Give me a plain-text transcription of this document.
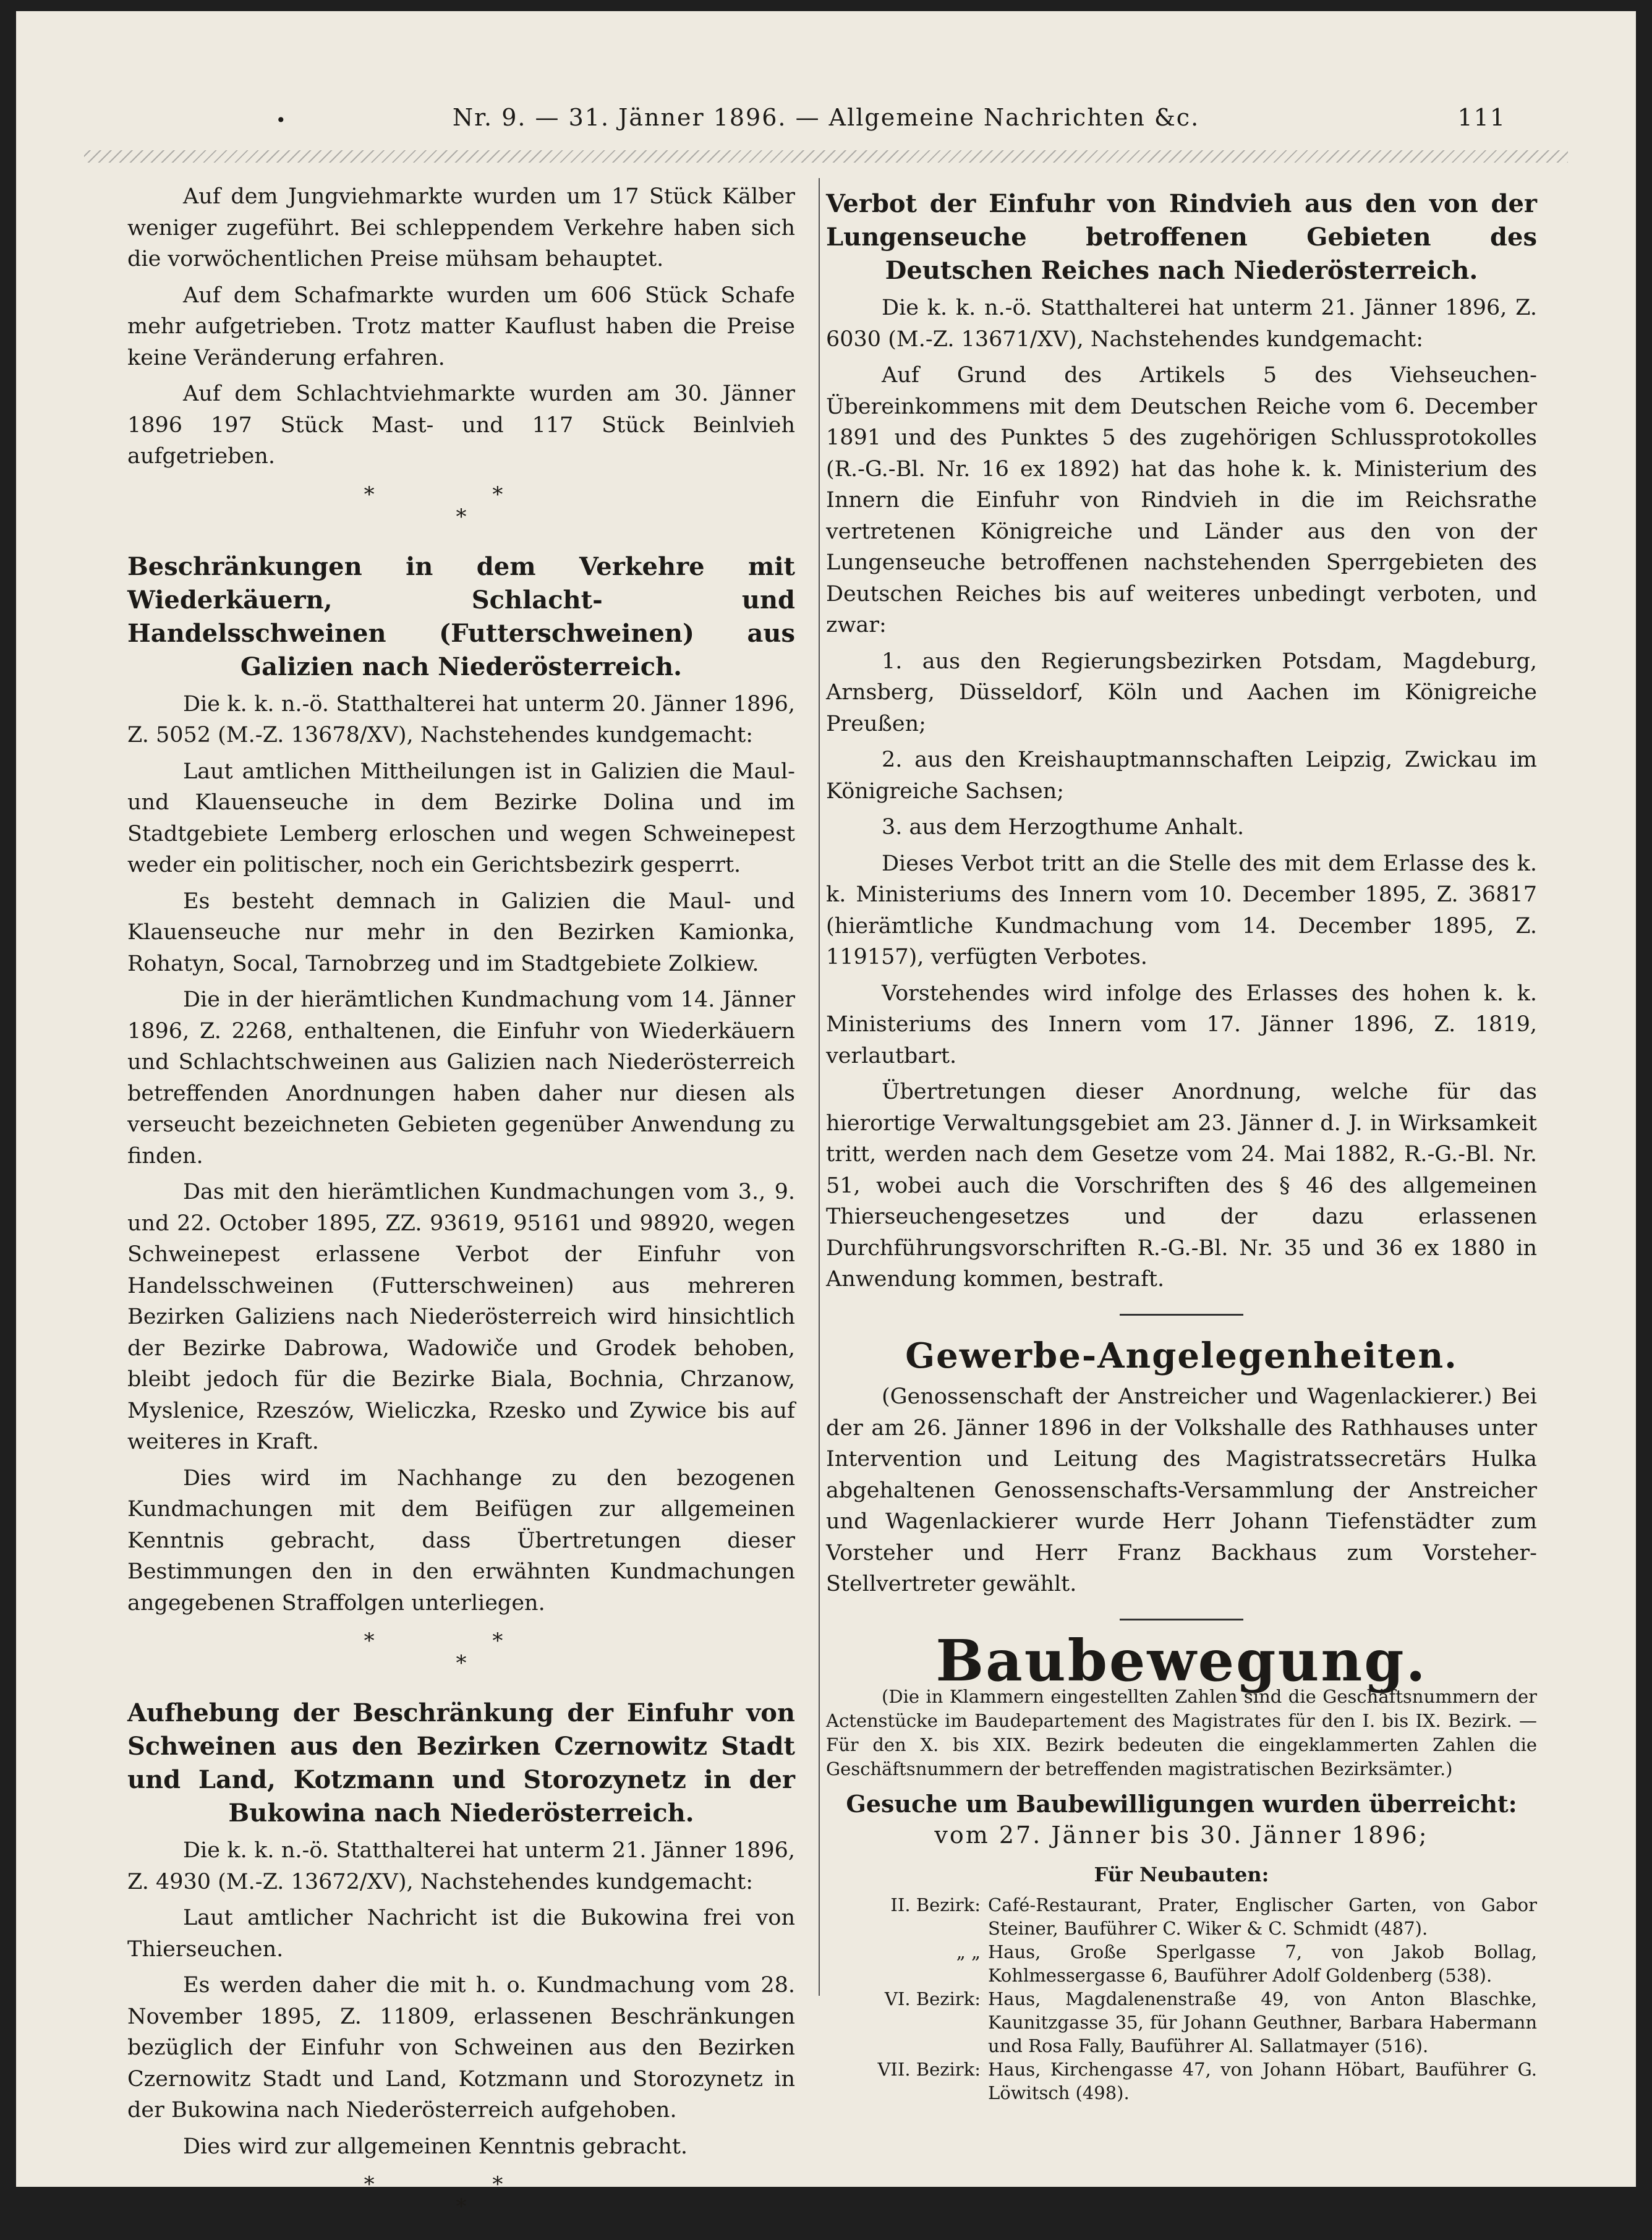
•	Nr. 9. — 31. Jänner 1896. — Allgemeine Nachrichten &c.	111

Auf dem Jungviehmarkte wurden um 17 Stück Kälber weniger zugeführt. Bei schleppendem Verkehre haben sich die vorwöchentlichen Preise mühsam behauptet.

Auf dem Schafmarkte wurden um 606 Stück Schafe mehr aufgetrieben. Trotz matter Kauflust haben die Preise keine Veränderung erfahren.

Auf dem Schlachtviehmarkte wurden am 30. Jänner 1896 197 Stück Mast- und 117 Stück Beinlvieh aufgetrieben.

* *
*
Beschränkungen in dem Verkehre mit Wiederkäuern, Schlacht- und Handelsschweinen (Futterschweinen) aus Galizien nach Niederösterreich.

Die k. k. n.-ö. Statthalterei hat unterm 20. Jänner 1896, Z. 5052 (M.-Z. 13678/XV), Nachstehendes kundgemacht:

Laut amtlichen Mittheilungen ist in Galizien die Maul- und Klauenseuche in dem Bezirke Dolina und im Stadtgebiete Lemberg erloschen und wegen Schweinepest weder ein politischer, noch ein Gerichtsbezirk gesperrt.

Es besteht demnach in Galizien die Maul- und Klauenseuche nur mehr in den Bezirken Kamionka, Rohatyn, Socal, Tarnobrzeg und im Stadtgebiete Zolkiew.

Die in der hierämtlichen Kundmachung vom 14. Jänner 1896, Z. 2268, enthaltenen, die Einfuhr von Wiederkäuern und Schlachtschweinen aus Galizien nach Niederösterreich betreffenden Anordnungen haben daher nur diesen als verseucht bezeichneten Gebieten gegenüber Anwendung zu finden.

Das mit den hierämtlichen Kundmachungen vom 3., 9. und 22. October 1895, ZZ. 93619, 95161 und 98920, wegen Schweinepest erlassene Verbot der Einfuhr von Handelsschweinen (Futterschweinen) aus mehreren Bezirken Galiziens nach Niederösterreich wird hinsichtlich der Bezirke Dabrowa, Wadowiče und Grodek behoben, bleibt jedoch für die Bezirke Biala, Bochnia, Chrzanow, Myslenice, Rzeszów, Wieliczka, Rzesko und Zywice bis auf weiteres in Kraft.

Dies wird im Nachhange zu den bezogenen Kundmachungen mit dem Beifügen zur allgemeinen Kenntnis gebracht, dass Übertretungen dieser Bestimmungen den in den erwähnten Kundmachungen angegebenen Straffolgen unterliegen.

* *
*
Aufhebung der Beschränkung der Einfuhr von Schweinen aus den Bezirken Czernowitz Stadt und Land, Kotzmann und Storozynetz in der Bukowina nach Niederösterreich.

Die k. k. n.-ö. Statthalterei hat unterm 21. Jänner 1896, Z. 4930 (M.-Z. 13672/XV), Nachstehendes kundgemacht:

Laut amtlicher Nachricht ist die Bukowina frei von Thierseuchen.

Es werden daher die mit h. o. Kundmachung vom 28. November 1895, Z. 11809, erlassenen Beschränkungen bezüglich der Einfuhr von Schweinen aus den Bezirken Czernowitz Stadt und Land, Kotzmann und Storozynetz in der Bukowina nach Niederösterreich aufgehoben.

Dies wird zur allgemeinen Kenntnis gebracht.

* *
*
Verbot der Einfuhr von Rindvieh aus den von der Lungenseuche betroffenen Gebieten des Deutschen Reiches nach Niederösterreich.

Die k. k. n.-ö. Statthalterei hat unterm 21. Jänner 1896, Z. 6030 (M.-Z. 13671/XV), Nachstehendes kundgemacht:

Auf Grund des Artikels 5 des Viehseuchen-Übereinkommens mit dem Deutschen Reiche vom 6. December 1891 und des Punktes 5 des zugehörigen Schlussprotokolles (R.-G.-Bl. Nr. 16 ex 1892) hat das hohe k. k. Ministerium des Innern die Einfuhr von Rindvieh in die im Reichsrathe vertretenen Königreiche und Länder aus den von der Lungenseuche betroffenen nachstehenden Sperrgebieten des Deutschen Reiches bis auf weiteres unbedingt verboten, und zwar:

1. aus den Regierungsbezirken Potsdam, Magdeburg, Arnsberg, Düsseldorf, Köln und Aachen im Königreiche Preußen;

2. aus den Kreishauptmannschaften Leipzig, Zwickau im Königreiche Sachsen;

3. aus dem Herzogthume Anhalt.

Dieses Verbot tritt an die Stelle des mit dem Erlasse des k. k. Ministeriums des Innern vom 10. December 1895, Z. 36817 (hierämtliche Kundmachung vom 14. December 1895, Z. 119157), verfügten Verbotes.

Vorstehendes wird infolge des Erlasses des hohen k. k. Ministeriums des Innern vom 17. Jänner 1896, Z. 1819, verlautbart.

Übertretungen dieser Anordnung, welche für das hierortige Verwaltungsgebiet am 23. Jänner d. J. in Wirksamkeit tritt, werden nach dem Gesetze vom 24. Mai 1882, R.-G.-Bl. Nr. 51, wobei auch die Vorschriften des § 46 des allgemeinen Thierseuchengesetzes und der dazu erlassenen Durchführungsvorschriften R.-G.-Bl. Nr. 35 und 36 ex 1880 in Anwendung kommen, bestraft.

Gewerbe-Angelegenheiten.

(Genossenschaft der Anstreicher und Wagenlackierer.) Bei der am 26. Jänner 1896 in der Volkshalle des Rathhauses unter Intervention und Leitung des Magistratssecretärs Hulka abgehaltenen Genossenschafts-Versammlung der Anstreicher und Wagenlackierer wurde Herr Johann Tiefenstädter zum Vorsteher und Herr Franz Backhaus zum Vorsteher-Stellvertreter gewählt.

Baubewegung.

(Die in Klammern eingestellten Zahlen sind die Geschäftsnummern der Actenstücke im Baudepartement des Magistrates für den I. bis IX. Bezirk. — Für den X. bis XIX. Bezirk bedeuten die eingeklammerten Zahlen die Geschäftsnummern der betreffenden magistratischen Bezirksämter.)

Gesuche um Baubewilligungen wurden überreicht:
vom 27. Jänner bis 30. Jänner 1896;
Für Neubauten:
II. Bezirk: Café-Restaurant, Prater, Englischer Garten, von Gabor Steiner, Bauführer C. Wiker & C. Schmidt (487).
„ „ Haus, Große Sperlgasse 7, von Jakob Bollag, Kohlmessergasse 6, Bauführer Adolf Goldenberg (538).
VI. Bezirk: Haus, Magdalenenstraße 49, von Anton Blaschke, Kaunitzgasse 35, für Johann Geuthner, Barbara Habermann und Rosa Fally, Bauführer Al. Sallatmayer (516).
VII. Bezirk: Haus, Kirchengasse 47, von Johann Höbart, Bauführer G. Löwitsch (498).
